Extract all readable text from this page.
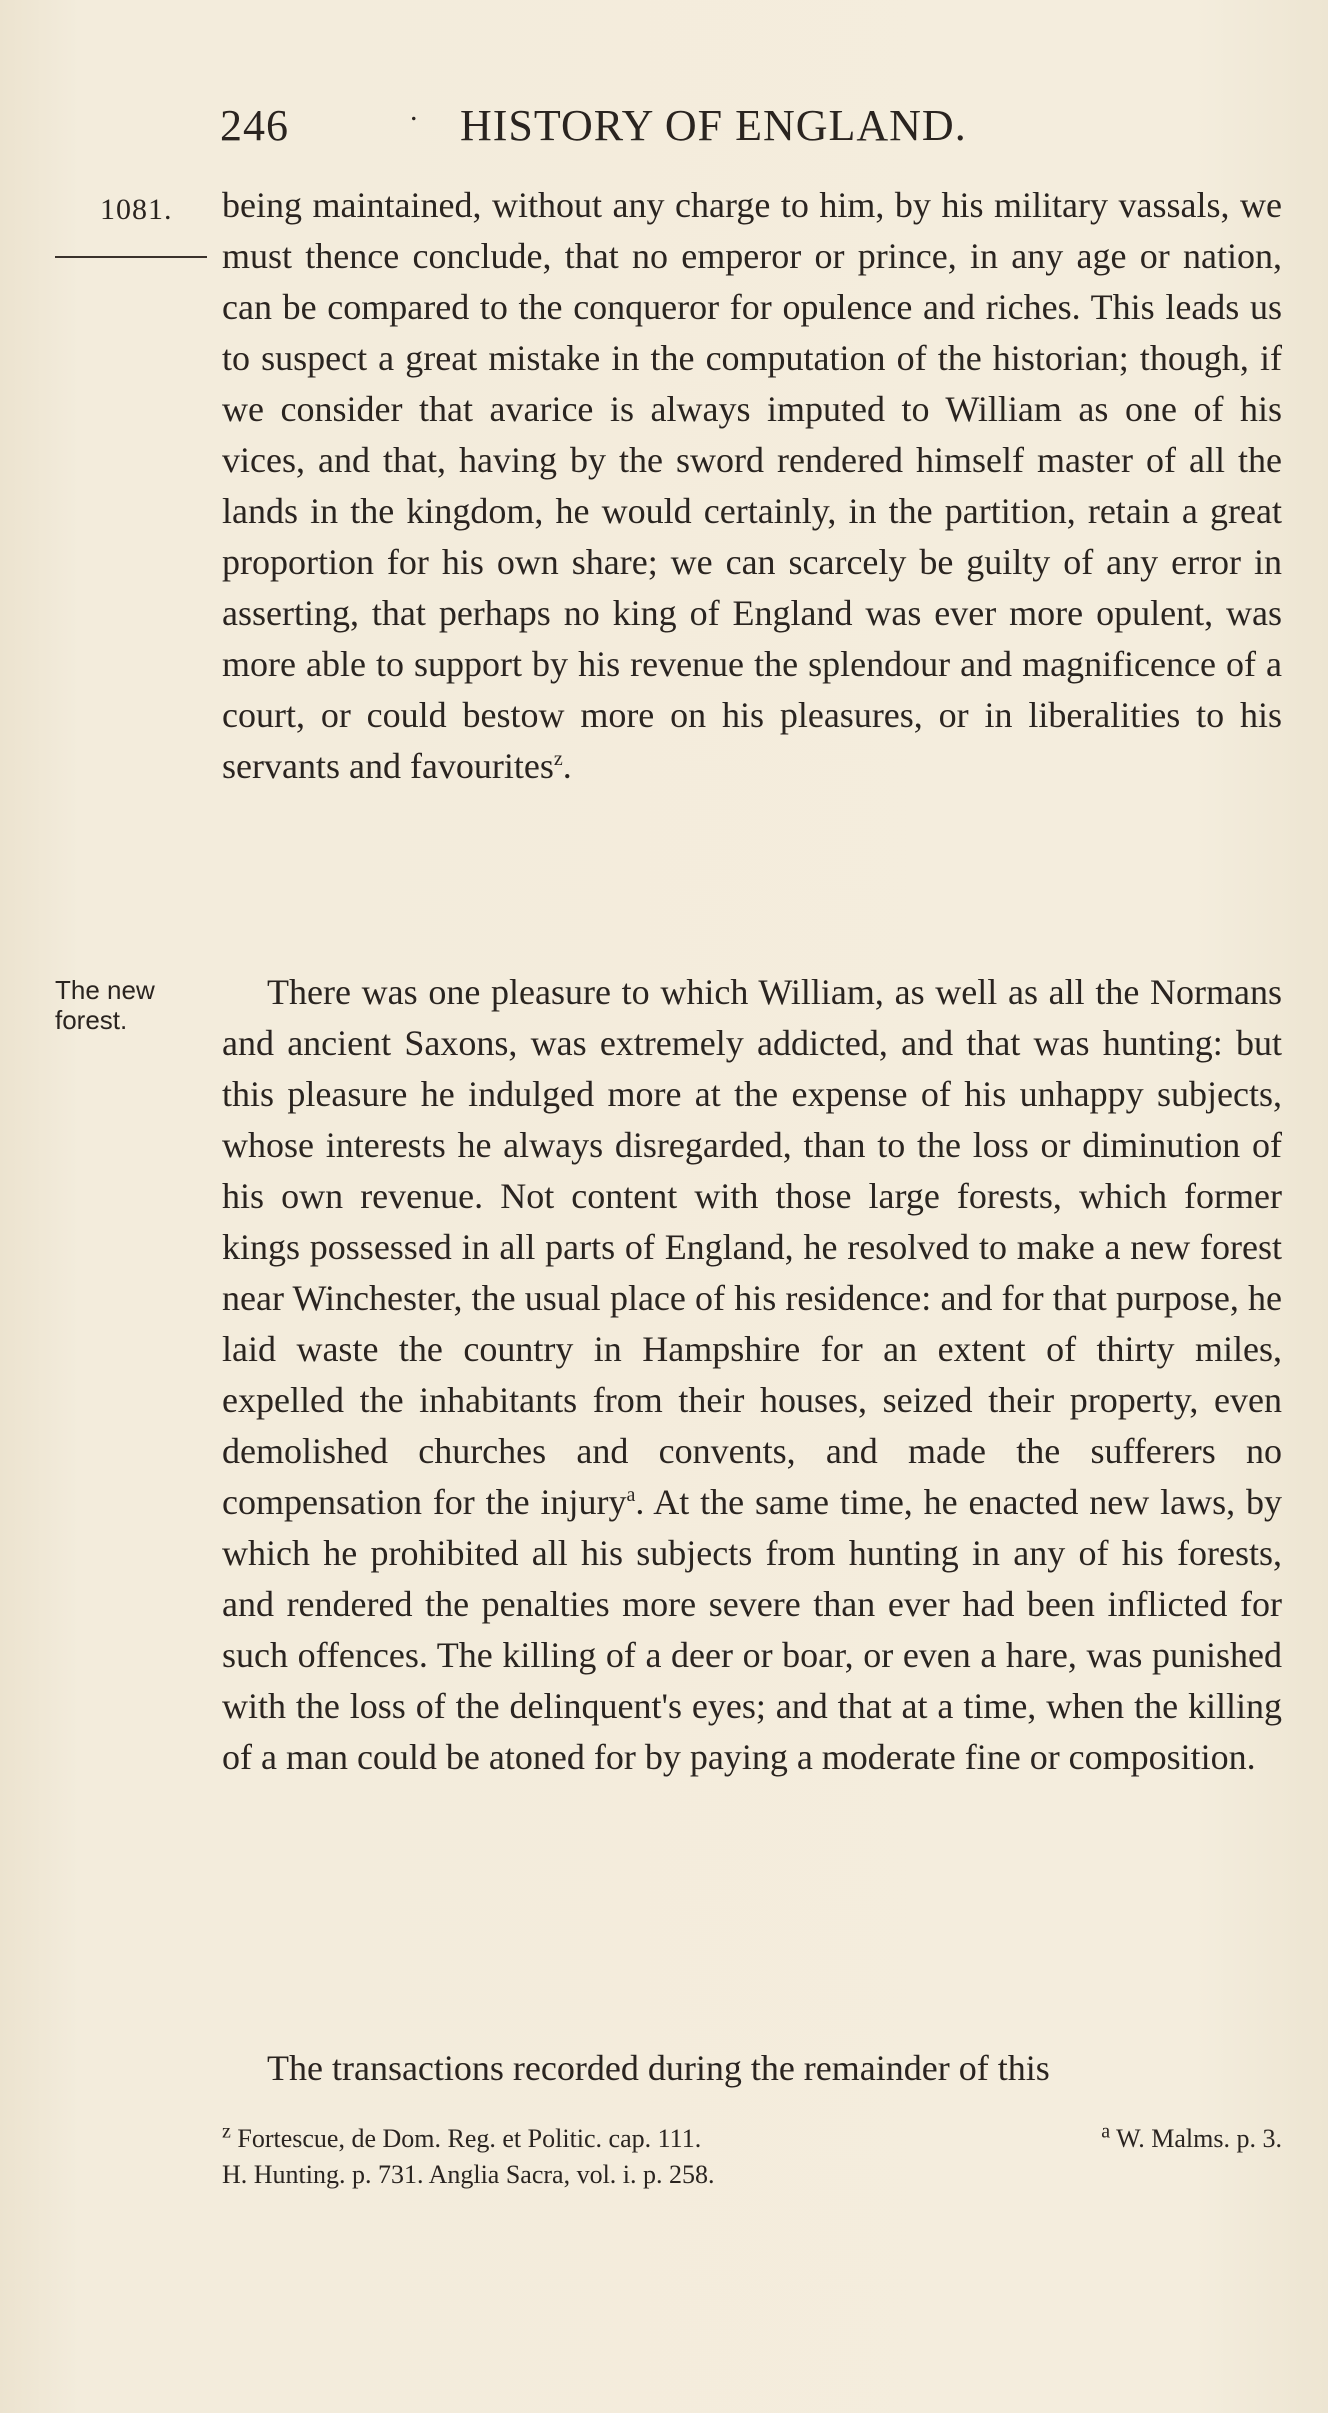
246	. HISTORY OF ENGLAND.
1081.
The new
forest.
being maintained, without any charge to him, by his military vassals, we must thence conclude, that no emperor or prince, in any age or nation, can be compared to the conqueror for opulence and riches. This leads us to suspect a great mistake in the computation of the historian; though, if we consider that avarice is always imputed to William as one of his vices, and that, having by the sword rendered himself master of all the lands in the kingdom, he would certainly, in the partition, retain a great proportion for his own share; we can scarcely be guilty of any error in asserting, that perhaps no king of England was ever more opulent, was more able to support by his revenue the splendour and magnificence of a court, or could bestow more on his pleasures, or in liberalities to his servants and favourites$^z$.
There was one pleasure to which William, as well as all the Normans and ancient Saxons, was extremely addicted, and that was hunting: but this pleasure he indulged more at the expense of his unhappy subjects, whose interests he always disregarded, than to the loss or diminution of his own revenue. Not content with those large forests, which former kings possessed in all parts of England, he resolved to make a new forest near Winchester, the usual place of his residence: and for that purpose, he laid waste the country in Hampshire for an extent of thirty miles, expelled the inhabitants from their houses, seized their property, even demolished churches and convents, and made the sufferers no compensation for the injury$^a$. At the same time, he enacted new laws, by which he prohibited all his subjects from hunting in any of his forests, and rendered the penalties more severe than ever had been inflicted for such offences. The killing of a deer or boar, or even a hare, was punished with the loss of the delinquent's eyes; and that at a time, when the killing of a man could be atoned for by paying a moderate fine or composition.
The transactions recorded during the remainder of this
$^z$ Fortescue, de Dom. Reg. et Politic. cap. 111.	$^a$ W. Malms. p. 3.
H. Hunting. p. 731. Anglia Sacra, vol. i. p. 258.
